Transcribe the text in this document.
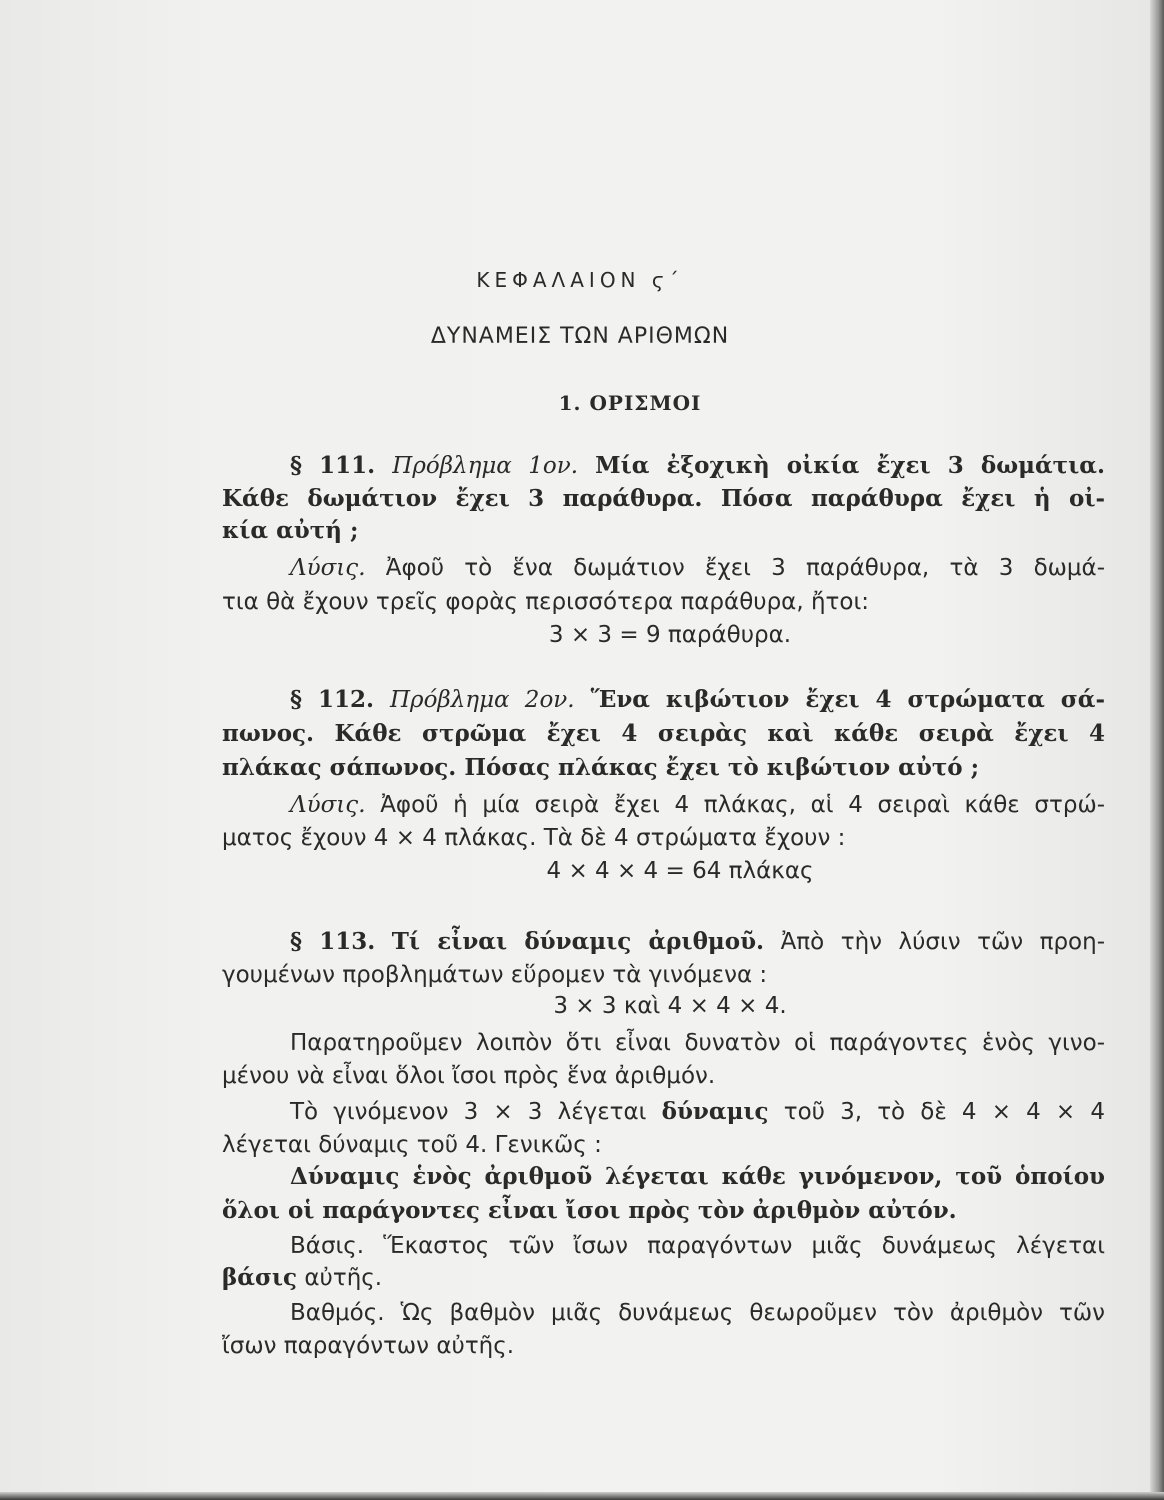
ΚΕΦΑΛΑΙΟΝ ϛ΄
ΔΥΝΑΜΕΙΣ ΤΩΝ ΑΡΙΘΜΩΝ
1. ΟΡΙΣΜΟΙ
§ 111. Πρόβλημα 1ον. Μία ἐξοχικὴ οἰκία ἔχει 3 δωμάτια.
Κάθε δωμάτιον ἔχει 3 παράθυρα. Πόσα παράθυρα ἔχει ἡ οἰ-
κία αὐτή ;
Λύσις. Ἀφοῦ τὸ ἕνα δωμάτιον ἔχει 3 παράθυρα, τὰ 3 δωμά-
τια θὰ ἔχουν τρεῖς φορὰς περισσότερα παράθυρα, ἤτοι:
3 × 3 = 9 παράθυρα.
§ 112. Πρόβλημα 2ον. Ἕνα κιβώτιον ἔχει 4 στρώματα σά-
πωνος. Κάθε στρῶμα ἔχει 4 σειρὰς καὶ κάθε σειρὰ ἔχει 4
πλάκας σάπωνος. Πόσας πλάκας ἔχει τὸ κιβώτιον αὐτό ;
Λύσις. Ἀφοῦ ἡ μία σειρὰ ἔχει 4 πλάκας, αἱ 4 σειραὶ κάθε στρώ-
ματος ἔχουν 4 × 4 πλάκας. Τὰ δὲ 4 στρώματα ἔχουν :
4 × 4 × 4 = 64 πλάκας
§ 113. Τί εἶναι δύναμις ἀριθμοῦ. Ἀπὸ τὴν λύσιν τῶν προη-
γουμένων προβλημάτων εὕρομεν τὰ γινόμενα :
3 × 3 καὶ 4 × 4 × 4.
Παρατηροῦμεν λοιπὸν ὅτι εἶναι δυνατὸν οἱ παράγοντες ἑνὸς γινο-
μένου νὰ εἶναι ὅλοι ἴσοι πρὸς ἕνα ἀριθμόν.
Τὸ γινόμενον 3 × 3 λέγεται δύναμις τοῦ 3, τὸ δὲ 4 × 4 × 4
λέγεται δύναμις τοῦ 4. Γενικῶς :
Δύναμις ἑνὸς ἀριθμοῦ λέγεται κάθε γινόμενον, τοῦ ὁποίου
ὅλοι οἱ παράγοντες εἶναι ἴσοι πρὸς τὸν ἀριθμὸν αὐτόν.
Βάσις. Ἕκαστος τῶν ἴσων παραγόντων μιᾶς δυνάμεως λέγεται
βάσις αὐτῆς.
Βαθμός. Ὡς βαθμὸν μιᾶς δυνάμεως θεωροῦμεν τὸν ἀριθμὸν τῶν
ἴσων παραγόντων αὐτῆς.
